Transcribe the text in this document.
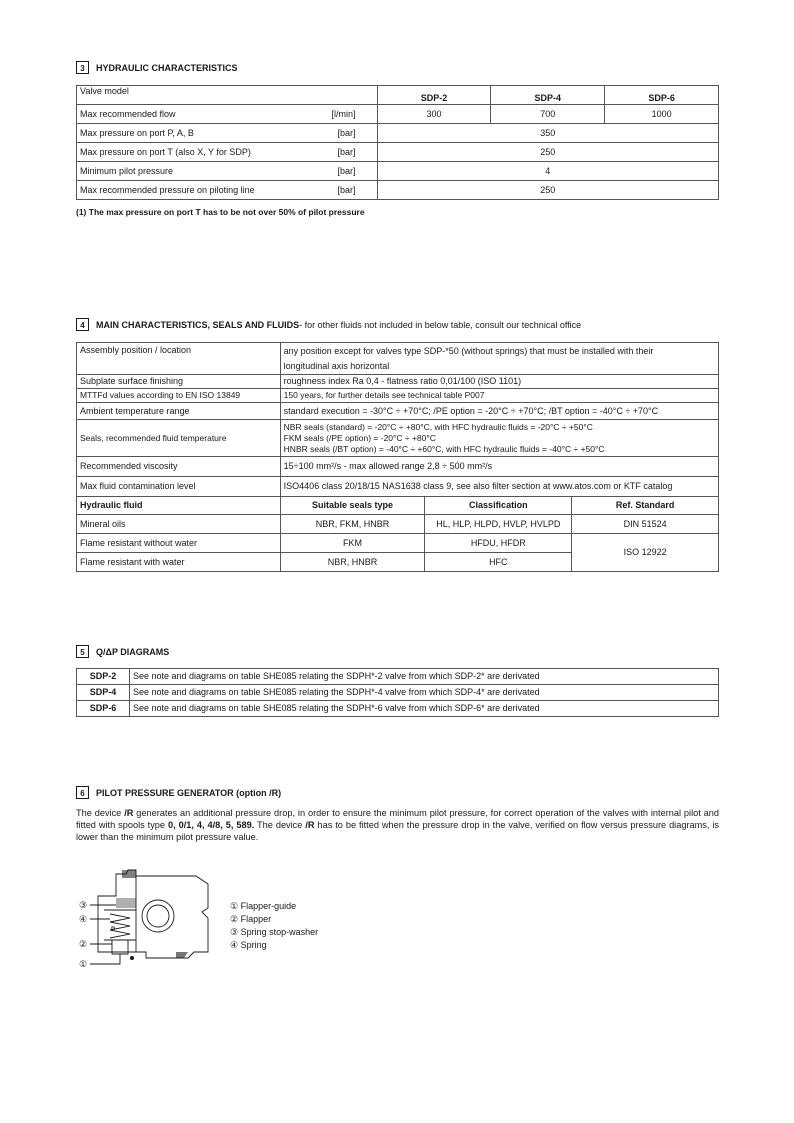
3	HYDRAULIC CHARACTERISTICS
Valve model	SDP-2	SDP-4	SDP-6

Max recommended flow [l/min]	300	700	1000

Max pressure on port P, A, B [bar]	350		

Max pressure on port T (also X, Y for SDP) [bar]	250		

Minimum pilot pressure [bar]	4		

Max recommended pressure on piloting line [bar]	250		
(1) The max pressure on port T has to be not over 50% of pilot pressure
4	MAIN CHARACTERISTICS, SEALS AND FLUIDS - for other fluids not included in below table, consult our technical office
Assembly position / location	any position except for valves type SDP-*50 (without springs) that must be installed with their
longitudinal axis horizontal		

Subplate surface finishing	roughness index Ra 0,4 - flatness ratio 0,01/100 (ISO 1101)		
MTTFd values according to EN ISO 13849	150 years, for further details see technical table P007		
Ambient temperature range	standard execution = -30°C ÷ +70°C; /PE option = -20°C ÷ +70°C; /BT option = -40°C ÷ +70°C		
Seals, recommended fluid temperature	NBR seals (standard) = -20°C ÷ +80°C, with HFC hydraulic fluids = -20°C ÷ +50°C
FKM seals (/PE option) = -20°C ÷ +80°C
HNBR seals (/BT option) = -40°C ÷ +60°C, with HFC hydraulic fluids = -40°C ÷ +50°C		

Recommended viscosity	15÷100 mm²/s - max allowed range 2,8 ÷ 500 mm²/s		
Max fluid contamination level	ISO4406 class 20/18/15 NAS1638 class 9, see also filter section at www.atos.com or KTF catalog		
Hydraulic fluid	Suitable seals type	Classification	Ref. Standard
Mineral oils	NBR, FKM, HNBR	HL, HLP, HLPD, HVLP, HVLPD	DIN 51524
Flame resistant without water	FKM	HFDU, HFDR	ISO 12922
Flame resistant with water	NBR, HNBR	HFC	
5	Q/ΔP DIAGRAMS
SDP-2	See note and diagrams on table SHE085 relating the SDPH*-2 valve from which SDP-2* are derivated
SDP-4	See note and diagrams on table SHE085 relating the SDPH*-4 valve from which SDP-4* are derivated
SDP-6	See note and diagrams on table SHE085 relating the SDPH*-6 valve from which SDP-6* are derivated
6	PILOT PRESSURE GENERATOR (option /R)
The device /R generates an additional pressure drop, in order to ensure the minimum pilot pressure, for correct operation of the valves with internal pilot and fitted with spools type 0, 0/1, 4, 4/8, 5, 589. The device /R has to be fitted when the pressure drop in the valve, verified on flow versus pressure diagrams, is lower than the minimum pilot pressure value.
③
④
②
①
P
① Flapper-guide
② Flapper
③ Spring stop-washer
④ Spring
